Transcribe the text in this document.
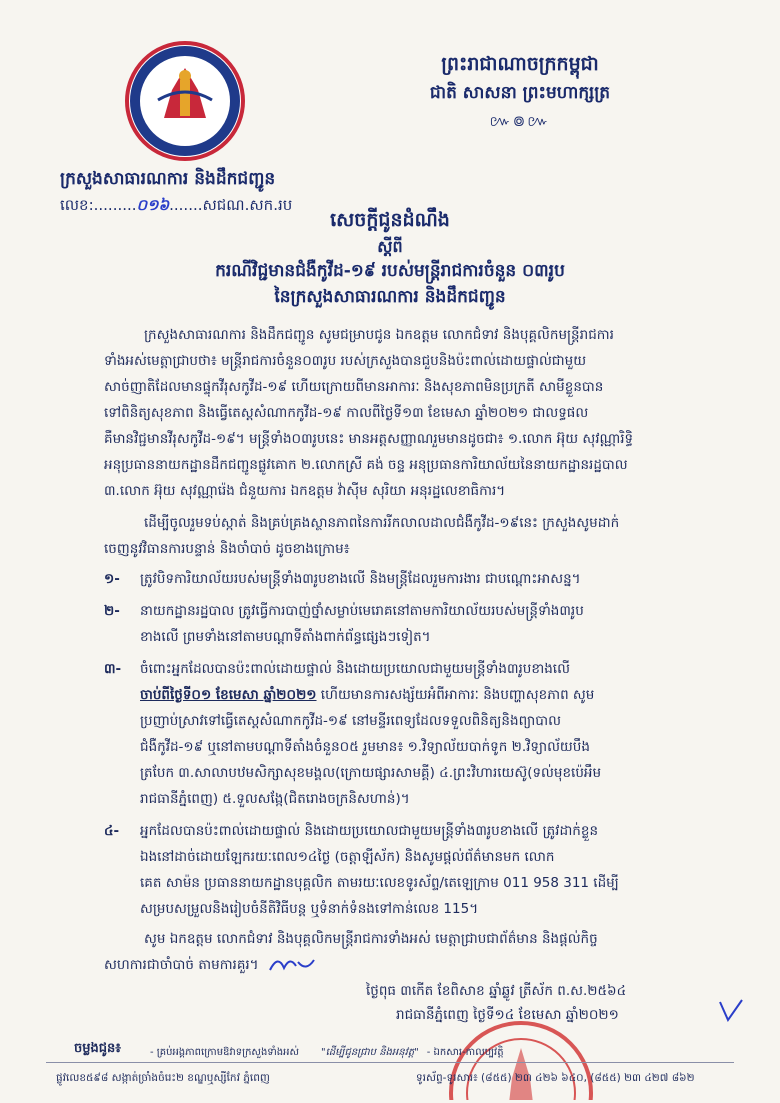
ព្រះរាជាណាចក្រកម្ពុជា
ជាតិ សាសនា ព្រះមហាក្សត្រ
៚៙៚
ក្រសួងសាធារណការ និងដឹកជញ្ជូន
លេខ:.........០១៦.......សជណ.សក.រប
សេចក្ដីជូនដំណឹង
ស្ដីពី
ករណីវិជ្ជមានជំងឺកូវីដ-១៩ របស់មន្ត្រីរាជការចំនួន ០៣រូប
នៃក្រសួងសាធារណការ និងដឹកជញ្ជូន
ក្រសួងសាធារណការ និងដឹកជញ្ជូន សូមជម្រាបជូន ឯកឧត្តម លោកជំទាវ និងបុគ្គលិកមន្ត្រីរាជការ
ទាំងអស់មេត្តាជ្រាបថា៖ មន្ត្រីរាជការចំនួន០៣រូប របស់ក្រសួងបានជួបនិងប៉ះពាល់ដោយផ្ទាល់ជាមួយ
សាច់ញាតិដែលមានផ្ទុកវីរុសកូវីដ-១៩ ហើយក្រោយពីមានអាការៈ និងសុខភាពមិនប្រក្រតី សាមីខ្លួនបាន
ទៅពិនិត្យសុខភាព និងធ្វើតេស្តសំណាកកូវីដ-១៩ កាលពីថ្ងៃទី១៣ ខែមេសា ឆ្នាំ២០២១ ជាលទ្ធផល
គឺមានវិជ្ជមានវីរុសកូវីដ-១៩។ មន្ត្រីទាំង០៣រូបនេះ មានអត្តសញ្ញាណរួមមានដូចជា៖ ១.លោក អ៊ុយ សុវណ្ណារិទ្ធិ
អនុប្រធាននាយកដ្ឋានដឹកជញ្ជូនផ្លូវគោក ២.លោកស្រី គង់ ចន្ទ អនុប្រធានការិយាល័យនៃនាយកដ្ឋានរដ្ឋបាល
៣.លោក អ៊ុយ សុវណ្ណារ៉េង ជំនួយការ ឯកឧត្តម វ៉ាស៊ីម សុរិយា អនុរដ្ឋលេខាធិការ។
ដើម្បីចូលរួមទប់ស្កាត់ និងគ្រប់គ្រងស្ថានភាពនៃការរីកលាលដាលជំងឺកូវីដ-១៩នេះ ក្រសួងសូមដាក់
ចេញនូវវិធានការបន្ទាន់ និងចាំបាច់ ដូចខាងក្រោម៖
១- ត្រូវបិទការិយាល័យរបស់មន្ត្រីទាំង៣រូបខាងលើ និងមន្ត្រីដែលរួមការងារ ជាបណ្ដោះអាសន្ន។
២- នាយកដ្ឋានរដ្ឋបាល ត្រូវធ្វើការបាញ់ថ្នាំសម្លាប់មេរោគនៅតាមការិយាល័យរបស់មន្ត្រីទាំង៣រូប
ខាងលើ ព្រមទាំងនៅតាមបណ្ដាទីតាំងពាក់ព័ន្ធផ្សេងៗទៀត។
៣- ចំពោះអ្នកដែលបានប៉ះពាល់ដោយផ្ទាល់ និងដោយប្រយោលជាមួយមន្ត្រីទាំង៣រូបខាងលើ
ចាប់ពីថ្ងៃទី០១ ខែមេសា ឆ្នាំ២០២១ ហើយមានការសង្ស័យអំពីអាការៈ និងបញ្ហាសុខភាព សូម
ប្រញាប់ស្រាវទៅធ្វើតេស្តសំណាកកូវីដ-១៩ នៅមន្ទីរពេទ្យដែលទទួលពិនិត្យនិងព្យាបាល
ជំងឺកូវីដ-១៩ ឬនៅតាមបណ្ដាទីតាំងចំនួន០៥ រួមមាន៖ ១.វិទ្យាល័យបាក់ទូក ២.វិទ្យាល័យបឹង
ត្របែក ៣.សាលាបឋមសិក្សាសុខមង្គល(ក្រោយផ្សារសាមគ្គី) ៤.ព្រះវិហារយេស៊ូ(ទល់មុខប៉េអឹម
រាជធានីភ្នំពេញ) ៥.ទួលសង្កែ(ជិតរោងចក្រនិសហាន់)។
៤- អ្នកដែលបានប៉ះពាល់ដោយផ្ទាល់ និងដោយប្រយោលជាមួយមន្ត្រីទាំង៣រូបខាងលើ ត្រូវដាក់ខ្លួន
ឯងនៅដាច់ដោយឡែករយៈពេល១៤ថ្ងៃ (ចត្តាឡីស័ក) និងសូមផ្ដល់ព័ត៌មានមក លោក
គេត សាម៉ន ប្រធាននាយកដ្ឋានបុគ្គលិក តាមរយៈលេខទូរស័ព្ទ/តេឡេក្រាម 011 958 311 ដើម្បី
សម្របសម្រួលនិងរៀបចំនីតិវិធីបន្ត ឬទំនាក់ទំនងទៅកាន់លេខ 115។
សូម ឯកឧត្តម លោកជំទាវ និងបុគ្គលិកមន្ត្រីរាជការទាំងអស់ មេត្តាជ្រាបជាព័ត៌មាន និងផ្ដល់កិច្ច
សហការជាចាំបាច់ តាមការគួរ។
ថ្ងៃពុធ ៣កើត ខែពិសាខ ឆ្នាំឆ្លូវ ត្រីស័ក ព.ស.២៥៦៤
រាជធានីភ្នំពេញ ថ្ងៃទី១៤ ខែមេសា ឆ្នាំ២០២១
ចម្លងជូន៖
ផ្លូវលេខ៥៩៨ សង្កាត់ច្រាំងចំរេះ២ ខណ្ឌឬស្សីកែវ ភ្នំពេញ	ទូរស័ព្ទ-ទូរសារ៖ (៨៥៥) ២៣ ៤២៦ ៦៤០, (៨៥៥) ២៣ ៤២៧ ៨៦២
- គ្រប់អង្គភាពក្រោមឱវាទក្រសួងទាំងអស់ "ដើម្បីជូនជ្រាប និងអនុវត្ត" - ឯកសារ-កាលប្បវត្តិ
